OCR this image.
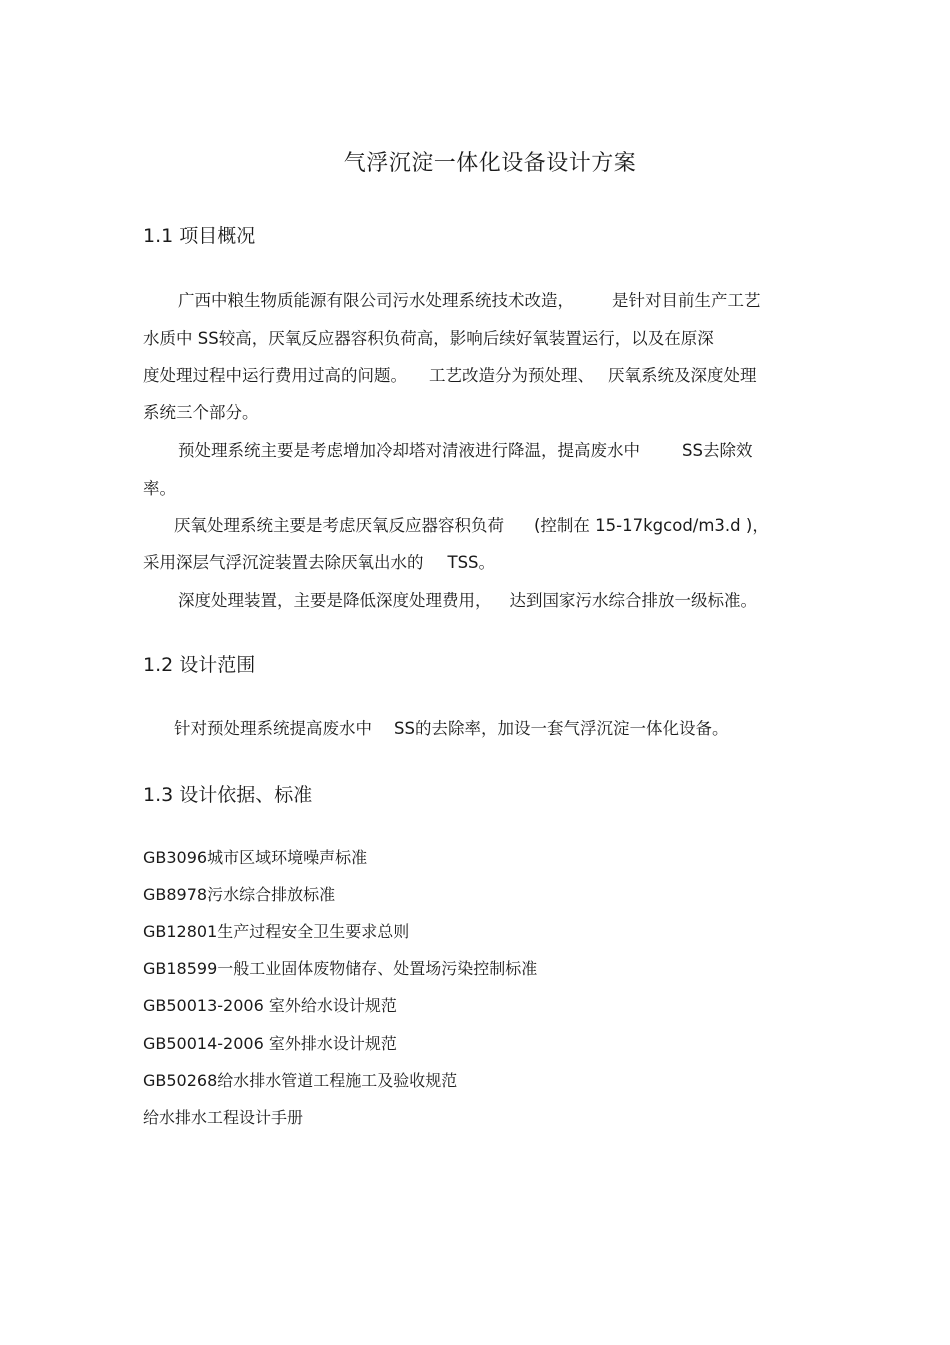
气浮沉淀一体化设备设计方案
1.1 项目概况
广西中粮生物质能源有限公司污水处理系统技术改造， 是针对目前生产工艺
水质中 SS较高，厌氧反应器容积负荷高，影响后续好氧装置运行，以及在原深
度处理过程中运行费用过高的问题。 工艺改造分为预处理、 厌氧系统及深度处理
系统三个部分。
预处理系统主要是考虑增加冷却塔对清液进行降温，提高废水中	SS去除效
率。
厌氧处理系统主要是考虑厌氧反应器容积负荷 (控制在 15-17kgcod/m3.d )，
采用深层气浮沉淀装置去除厌氧出水的 TSS。
深度处理装置，主要是降低深度处理费用， 达到国家污水综合排放一级标准。
1.2 设计范围
针对预处理系统提高废水中 SS的去除率，加设一套气浮沉淀一体化设备。
1.3 设计依据、标准
GB3096城市区域环境噪声标准
GB8978污水综合排放标准
GB12801生产过程安全卫生要求总则
GB18599一般工业固体废物储存、处置场污染控制标准
GB50013-2006 室外给水设计规范
GB50014-2006 室外排水设计规范
GB50268给水排水管道工程施工及验收规范
给水排水工程设计手册
